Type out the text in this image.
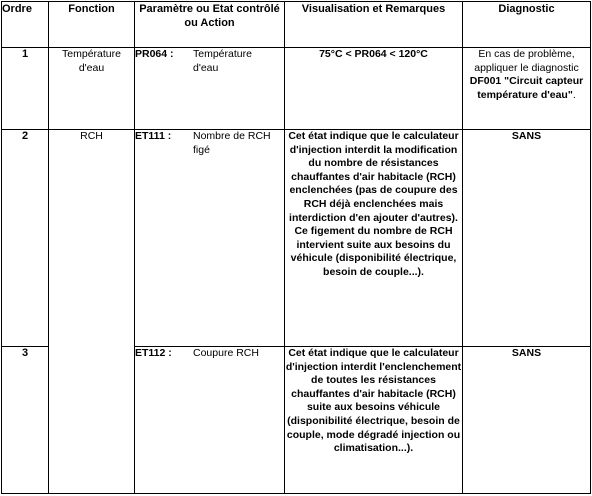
Ordre	Fonction	Paramètre ou Etat contrôlé ou Action	Visualisation et Remarques	Diagnostic
1	Température d'eau	PR064 : Température d'eau	75°C < PR064 < 120°C	En cas de problème, appliquer le diagnostic DF001 "Circuit capteur température d'eau".
2	RCH	ET111 : Nombre de RCH figé	Cet état indique que le calculateur d'injection interdit la modification du nombre de résistances chauffantes d'air habitacle (RCH) enclenchées (pas de coupure des RCH déjà enclenchées mais interdiction d'en ajouter d'autres). Ce figement du nombre de RCH intervient suite aux besoins du véhicule (disponibilité électrique, besoin de couple...).	SANS
3		ET112 : Coupure RCH	Cet état indique que le calculateur d'injection interdit l'enclenchement de toutes les résistances chauffantes d'air habitacle (RCH) suite aux besoins véhicule (disponibilité électrique, besoin de couple, mode dégradé injection ou climatisation...).	SANS
